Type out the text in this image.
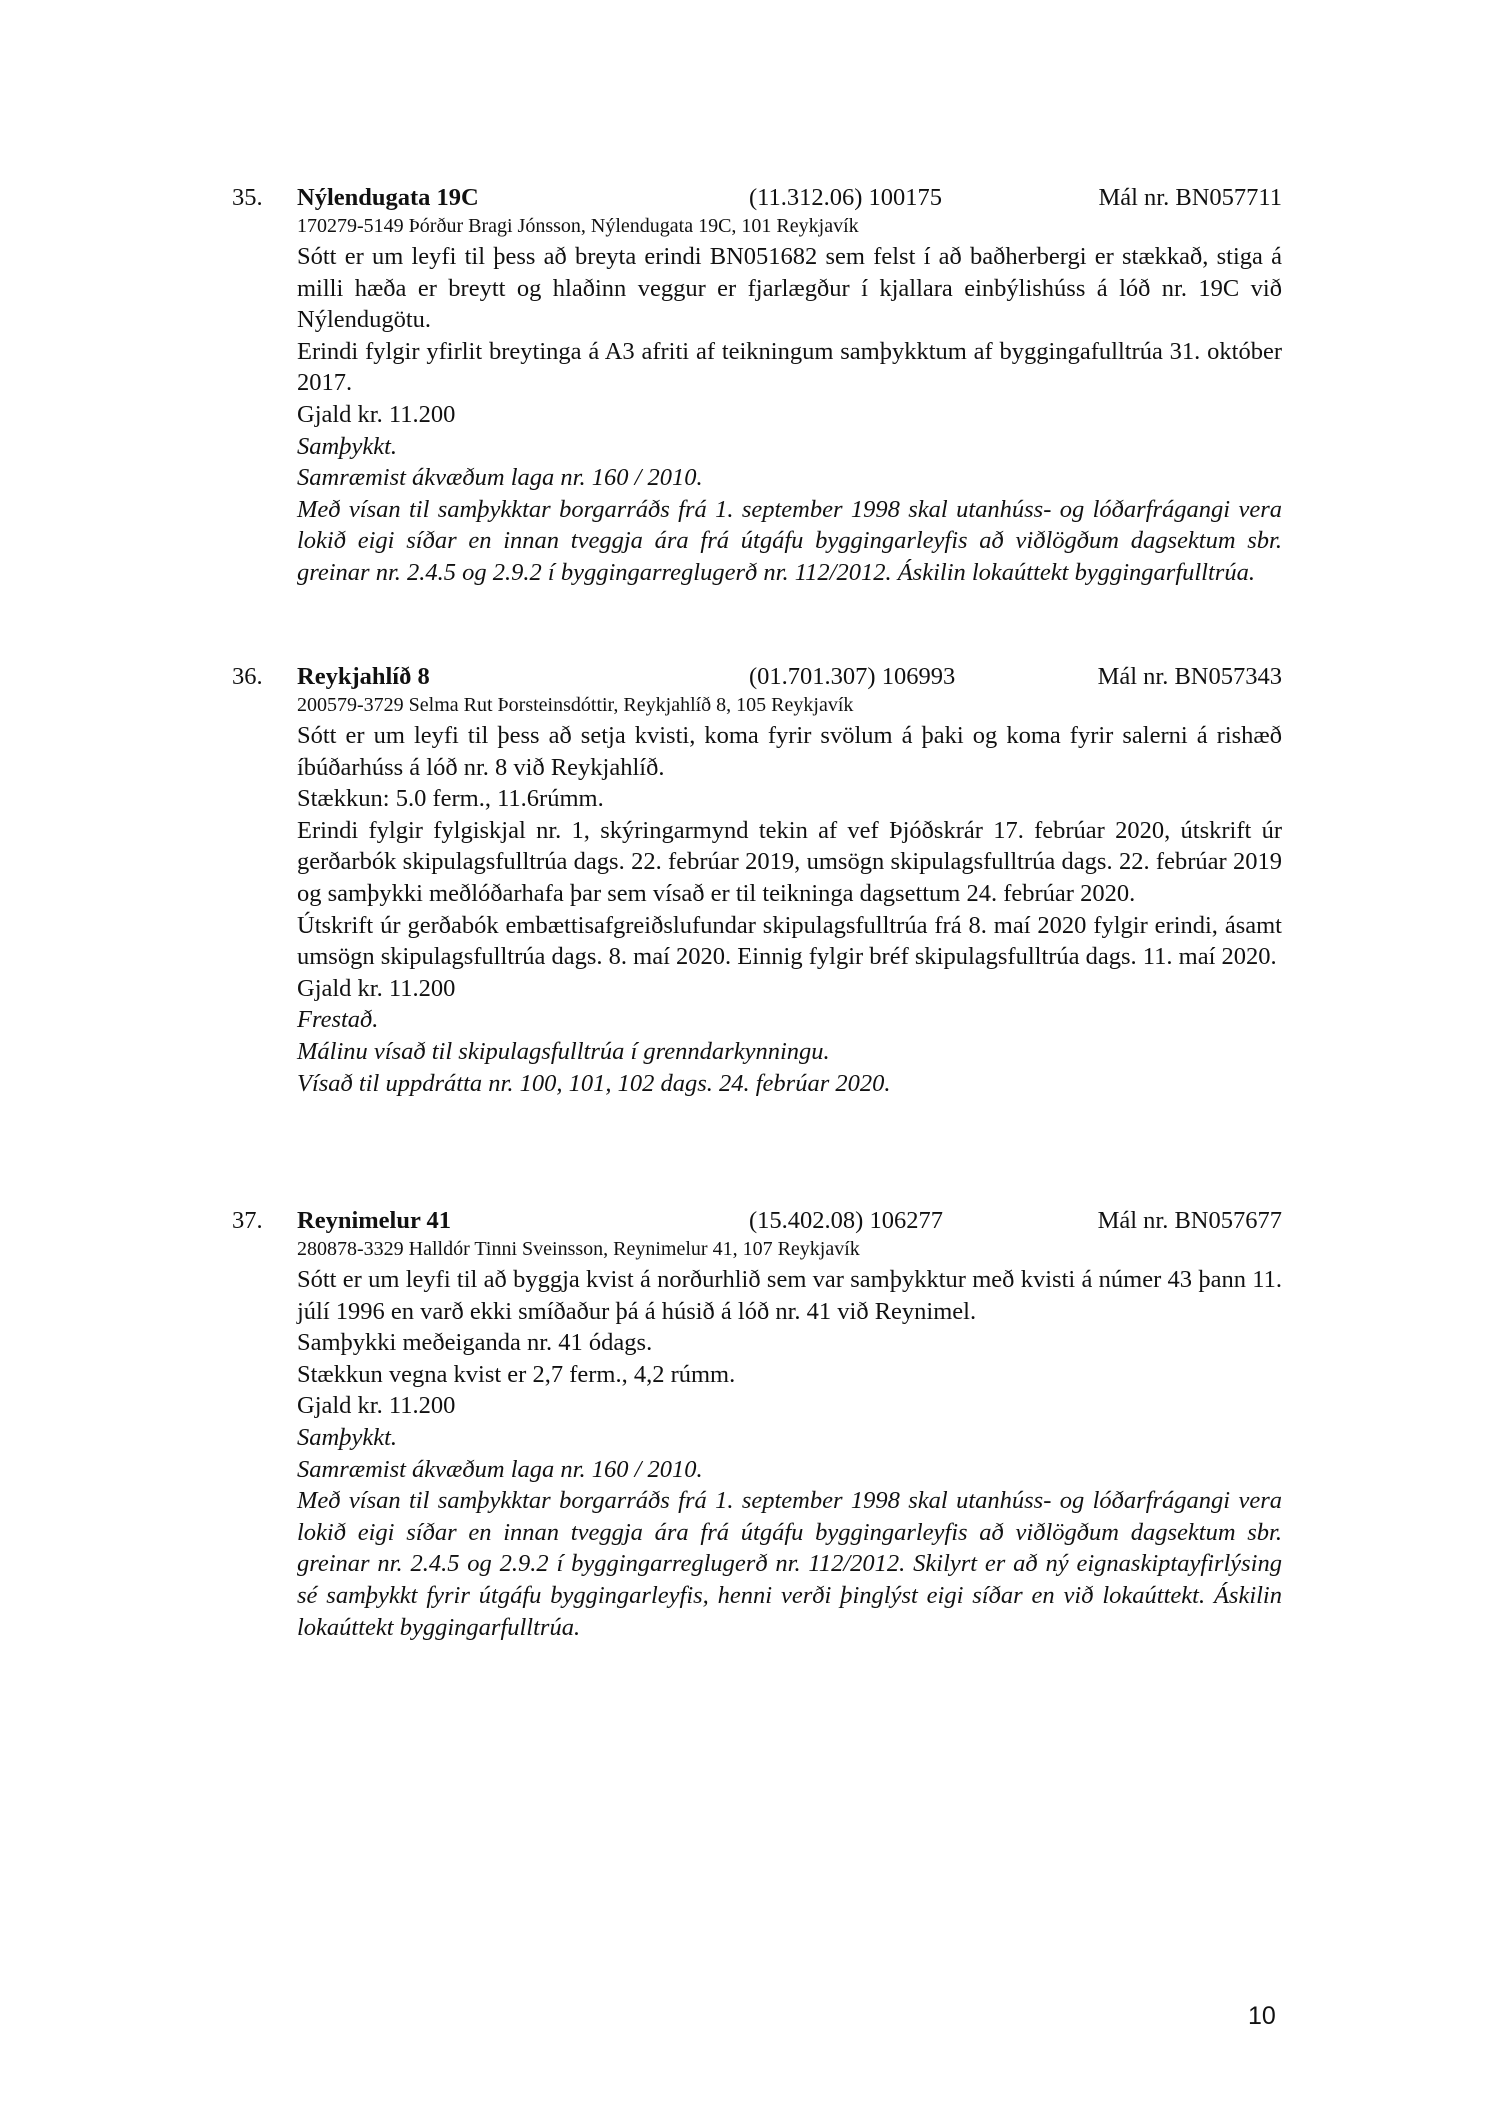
35. Nýlendugata 19C	(11.312.06) 100175	Mál nr. BN057711
170279-5149 Þórður Bragi Jónsson, Nýlendugata 19C, 101 Reykjavík

Sótt er um leyfi til þess að breyta erindi BN051682 sem felst í að baðherbergi er stækkað, stiga á milli hæða er breytt og hlaðinn veggur er fjarlægður í kjallara einbýlishúss á lóð nr. 19C við Nýlendugötu.

Erindi fylgir yfirlit breytinga á A3 afriti af teikningum samþykktum af byggingafulltrúa 31. október 2017.

Gjald kr. 11.200

Samþykkt.

Samræmist ákvæðum laga nr. 160 / 2010.

Með vísan til samþykktar borgarráðs frá 1. september 1998 skal utanhúss- og lóðarfrágangi vera lokið eigi síðar en innan tveggja ára frá útgáfu byggingarleyfis að viðlögðum dagsektum sbr. greinar nr. 2.4.5 og 2.9.2 í byggingarreglugerð nr. 112/2012. Áskilin lokaúttekt byggingarfulltrúa.

36. Reykjahlíð 8	(01.701.307) 106993	Mál nr. BN057343
200579-3729 Selma Rut Þorsteinsdóttir, Reykjahlíð 8, 105 Reykjavík

Sótt er um leyfi til þess að setja kvisti, koma fyrir svölum á þaki og koma fyrir salerni á rishæð íbúðarhúss á lóð nr. 8 við Reykjahlíð.

Stækkun: 5.0 ferm., 11.6rúmm.

Erindi fylgir fylgiskjal nr. 1, skýringarmynd tekin af vef Þjóðskrár 17. febrúar 2020, útskrift úr gerðarbók skipulagsfulltrúa dags. 22. febrúar 2019, umsögn skipulagsfulltrúa dags. 22. febrúar 2019 og samþykki meðlóðarhafa þar sem vísað er til teikninga dagsettum 24. febrúar 2020.

Útskrift úr gerðabók embættisafgreiðslufundar skipulagsfulltrúa frá 8. maí 2020 fylgir erindi, ásamt umsögn skipulagsfulltrúa dags. 8. maí 2020. Einnig fylgir bréf skipulagsfulltrúa dags. 11. maí 2020.

Gjald kr. 11.200

Frestað.

Málinu vísað til skipulagsfulltrúa í grenndarkynningu.

Vísað til uppdrátta nr. 100, 101, 102 dags. 24. febrúar 2020.

37. Reynimelur 41	(15.402.08) 106277	Mál nr. BN057677
280878-3329 Halldór Tinni Sveinsson, Reynimelur 41, 107 Reykjavík

Sótt er um leyfi til að byggja kvist á norðurhlið sem var samþykktur með kvisti á númer 43 þann 11. júlí 1996 en varð ekki smíðaður þá á húsið á lóð nr. 41 við Reynimel.

Samþykki meðeiganda nr. 41 ódags.

Stækkun vegna kvist er 2,7 ferm., 4,2 rúmm.

Gjald kr. 11.200

Samþykkt.

Samræmist ákvæðum laga nr. 160 / 2010.

Með vísan til samþykktar borgarráðs frá 1. september 1998 skal utanhúss- og lóðarfrágangi vera lokið eigi síðar en innan tveggja ára frá útgáfu byggingarleyfis að viðlögðum dagsektum sbr. greinar nr. 2.4.5 og 2.9.2 í byggingarreglugerð nr. 112/2012. Skilyrt er að ný eignaskiptayfirlýsing sé samþykkt fyrir útgáfu byggingarleyfis, henni verði þinglýst eigi síðar en við lokaúttekt. Áskilin lokaúttekt byggingarfulltrúa.

10
